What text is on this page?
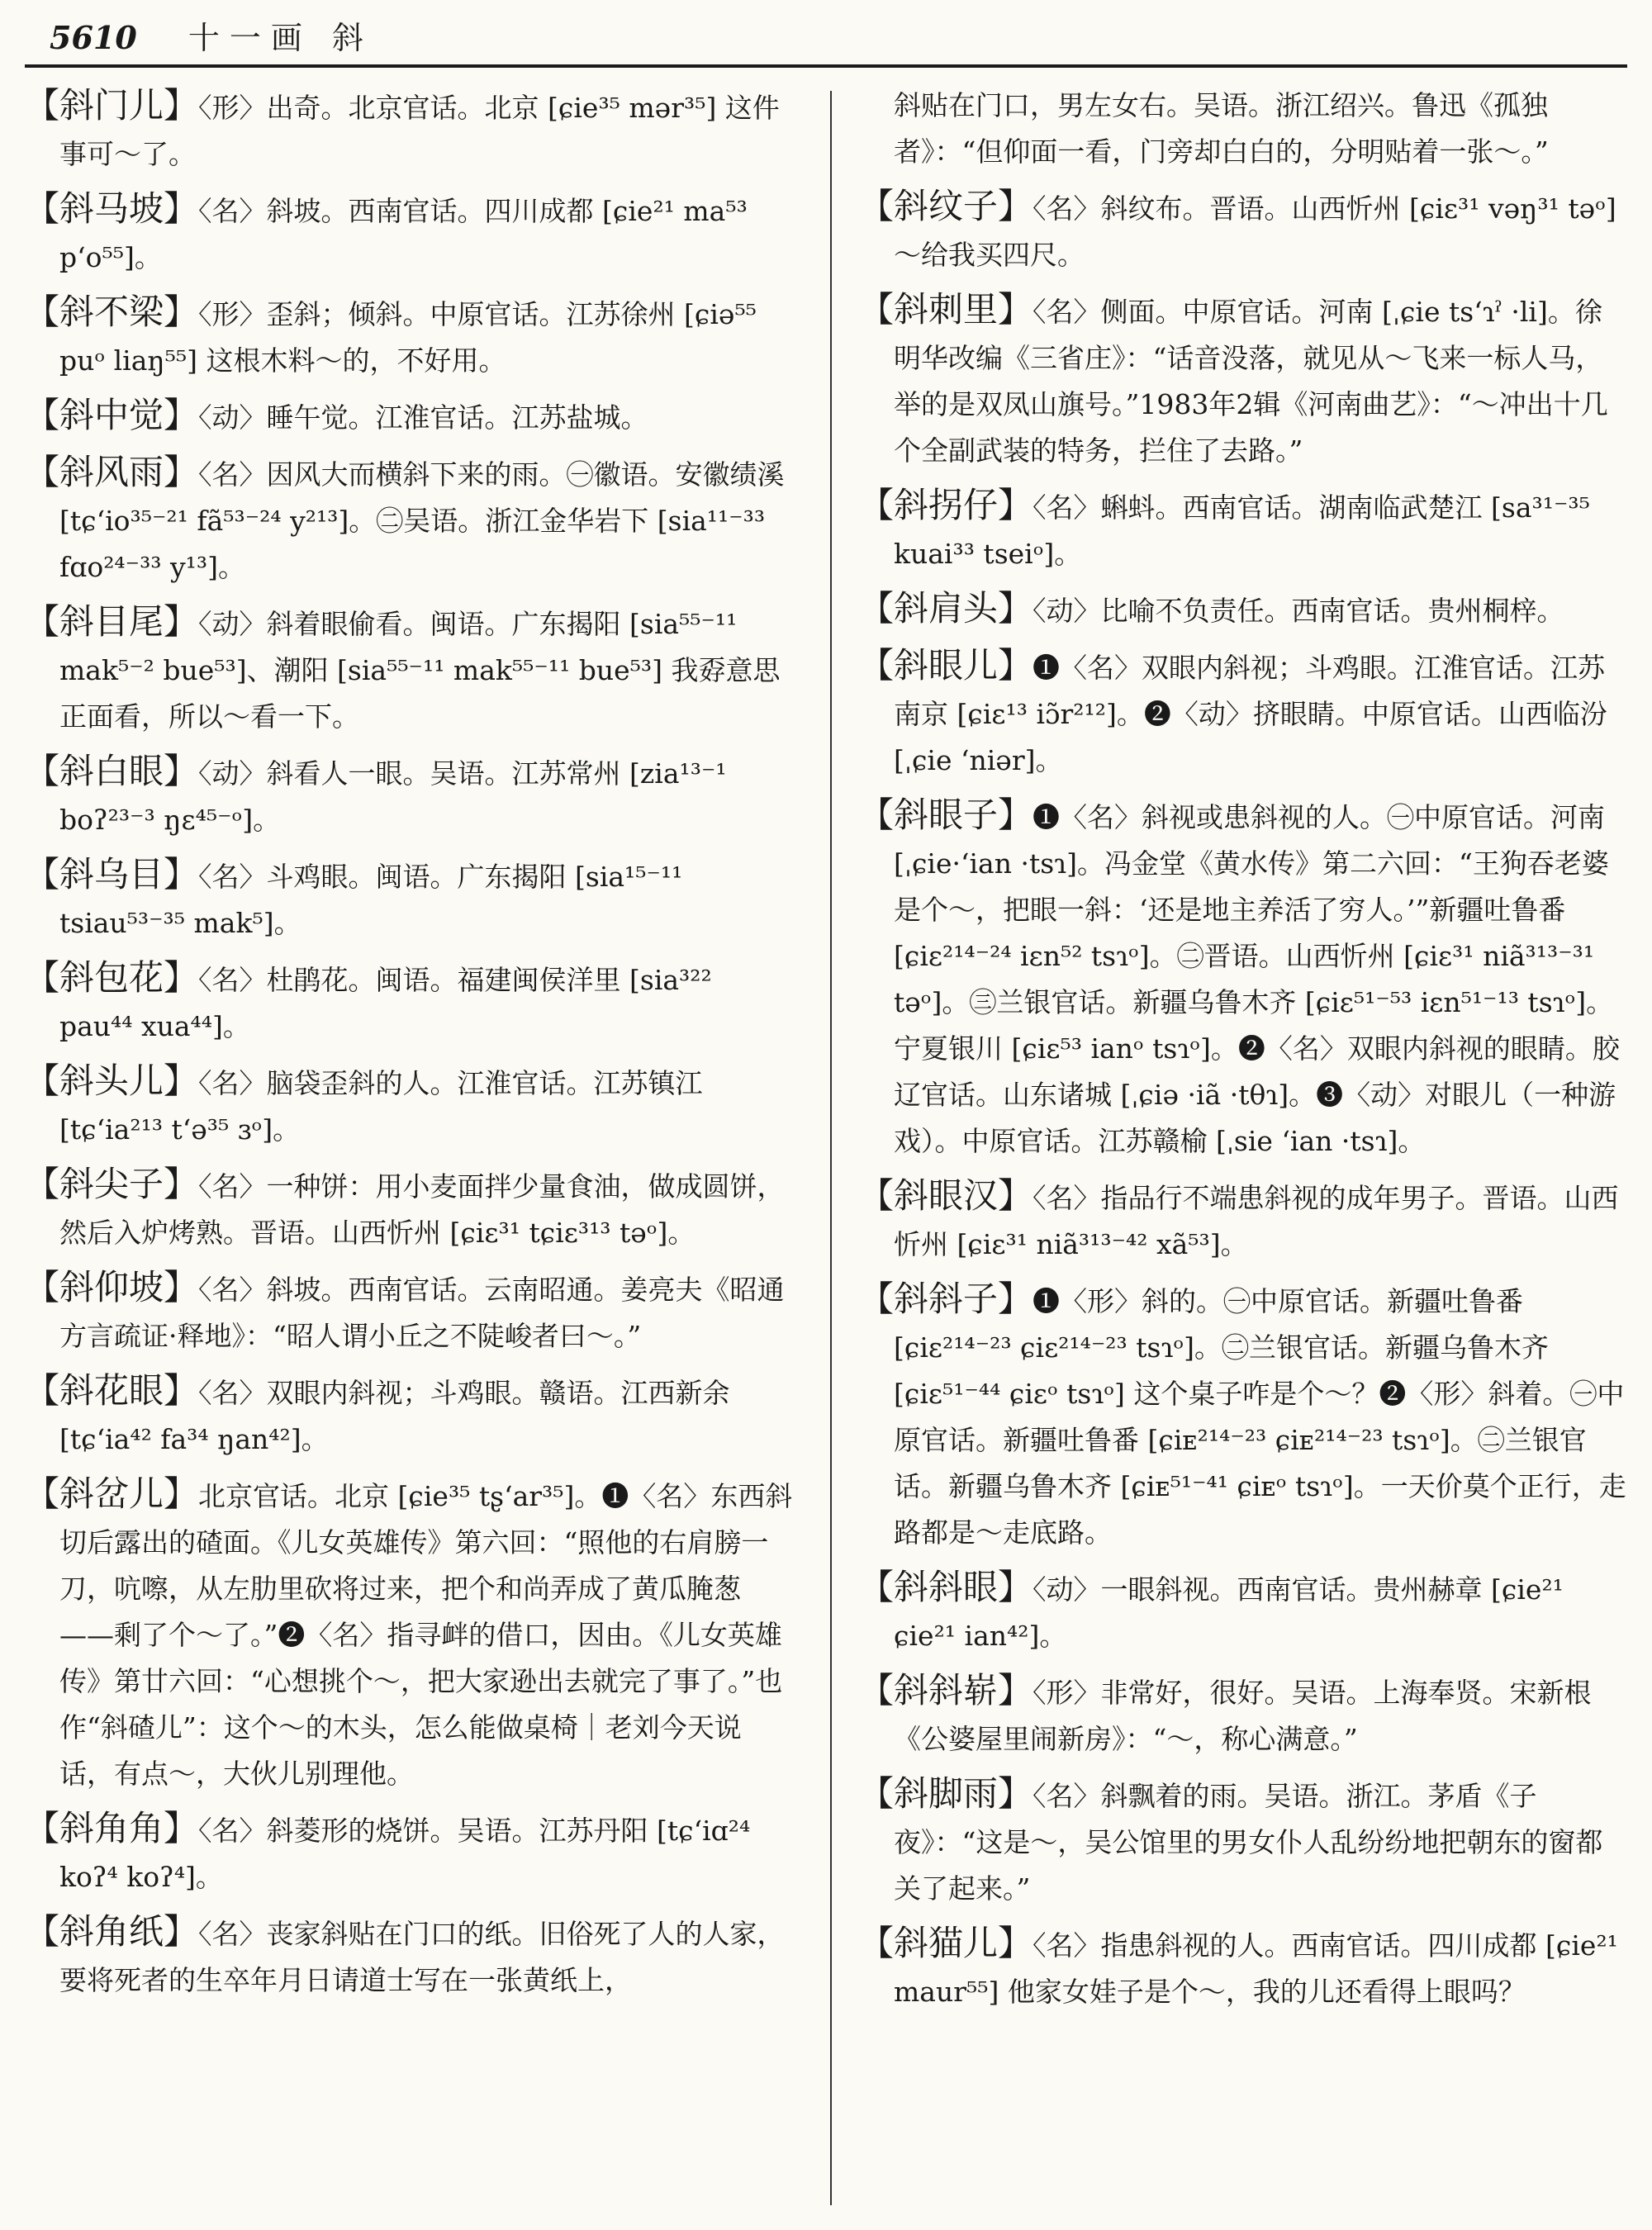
5610 十一画 斜
【斜门儿】〈形〉出奇。北京官话。北京 [ɕie³⁵ mər³⁵] 这件事可～了。
【斜马坡】〈名〉斜坡。西南官话。四川成都 [ɕie²¹ ma⁵³ pʻo⁵⁵]。
【斜不梁】〈形〉歪斜；倾斜。中原官话。江苏徐州 [ɕiə⁵⁵ puᵒ liaŋ⁵⁵] 这根木料～的，不好用。
【斜中觉】〈动〉睡午觉。江淮官话。江苏盐城。
【斜风雨】〈名〉因风大而横斜下来的雨。㊀徽语。安徽绩溪 [tɕʻio³⁵⁻²¹ fã⁵³⁻²⁴ y²¹³]。㊁吴语。浙江金华岩下 [sia¹¹⁻³³ fɑo²⁴⁻³³ y¹³]。
【斜目尾】〈动〉斜着眼偷看。闽语。广东揭阳 [sia⁵⁵⁻¹¹ mak⁵⁻² bue⁵³]、潮阳 [sia⁵⁵⁻¹¹ mak⁵⁵⁻¹¹ bue⁵³] 我孬意思正面看，所以～看一下。
【斜白眼】〈动〉斜看人一眼。吴语。江苏常州 [zia¹³⁻¹ boʔ²³⁻³ ŋɛ⁴⁵⁻ᵒ]。
【斜乌目】〈名〉斗鸡眼。闽语。广东揭阳 [sia¹⁵⁻¹¹ tsiau⁵³⁻³⁵ mak⁵]。
【斜包花】〈名〉杜鹃花。闽语。福建闽侯洋里 [sia³²² pau⁴⁴ xua⁴⁴]。
【斜头儿】〈名〉脑袋歪斜的人。江淮官话。江苏镇江 [tɕʻia²¹³ tʻə³⁵ ɜᵒ]。
【斜尖子】〈名〉一种饼：用小麦面拌少量食油，做成圆饼，然后入炉烤熟。晋语。山西忻州 [ɕiɛ³¹ tɕiɛ³¹³ təᵒ]。
【斜仰坡】〈名〉斜坡。西南官话。云南昭通。姜亮夫《昭通方言疏证·释地》：“昭人谓小丘之不陡峻者曰～。”
【斜花眼】〈名〉双眼内斜视；斗鸡眼。赣语。江西新余 [tɕʻia⁴² fa³⁴ ŋan⁴²]。
【斜岔儿】北京官话。北京 [ɕie³⁵ tʂʻar³⁵]。❶〈名〉东西斜切后露出的碴面。《儿女英雄传》第六回：“照他的右肩膀一刀，吭嚓，从左肋里砍将过来，把个和尚弄成了黄瓜腌葱——剩了个～了。”❷〈名〉指寻衅的借口，因由。《儿女英雄传》第廿六回：“心想挑个～，把大家逊出去就完了事了。”也作“斜碴儿”：这个～的木头，怎么能做桌椅｜老刘今天说话，有点～，大伙儿别理他。
【斜角角】〈名〉斜菱形的烧饼。吴语。江苏丹阳 [tɕʻiɑ²⁴ koʔ⁴ koʔ⁴]。
【斜角纸】〈名〉丧家斜贴在门口的纸。旧俗死了人的人家，要将死者的生卒年月日请道士写在一张黄纸上，
斜贴在门口，男左女右。吴语。浙江绍兴。鲁迅《孤独者》：“但仰面一看，门旁却白白的，分明贴着一张～。”
【斜纹子】〈名〉斜纹布。晋语。山西忻州 [ɕiɛ³¹ vəŋ³¹ təᵒ] ～给我买四尺。
【斜刺里】〈名〉侧面。中原官话。河南 [ˌɕie tsʻɿˀ ·li]。徐明华改编《三省庄》：“话音没落，就见从～飞来一标人马，举的是双凤山旗号。”1983年2辑《河南曲艺》：“～冲出十几个全副武装的特务，拦住了去路。”
【斜拐仔】〈名〉蝌蚪。西南官话。湖南临武楚江 [sa³¹⁻³⁵ kuai³³ tseiᵒ]。
【斜肩头】〈动〉比喻不负责任。西南官话。贵州桐梓。
【斜眼儿】❶〈名〉双眼内斜视；斗鸡眼。江淮官话。江苏南京 [ɕiɛ¹³ iɔ̃r²¹²]。❷〈动〉挤眼睛。中原官话。山西临汾 [ˌɕie ʻniər]。
【斜眼子】❶〈名〉斜视或患斜视的人。㊀中原官话。河南 [ˌɕie·ʻian ·tsɿ]。冯金堂《黄水传》第二六回：“王狗吞老婆是个～，把眼一斜：‘还是地主养活了穷人。’”新疆吐鲁番 [ɕiɛ²¹⁴⁻²⁴ iɛn⁵² tsɿᵒ]。㊁晋语。山西忻州 [ɕiɛ³¹ niã³¹³⁻³¹ təᵒ]。㊂兰银官话。新疆乌鲁木齐 [ɕiɛ⁵¹⁻⁵³ iɛn⁵¹⁻¹³ tsɿᵒ]。宁夏银川 [ɕiɛ⁵³ ianᵒ tsɿᵒ]。❷〈名〉双眼内斜视的眼睛。胶辽官话。山东诸城 [ˌɕiə ·iã ·tθɿ]。❸〈动〉对眼儿（一种游戏）。中原官话。江苏赣榆 [ˌsie ʻian ·tsɿ]。
【斜眼汉】〈名〉指品行不端患斜视的成年男子。晋语。山西忻州 [ɕiɛ³¹ niã³¹³⁻⁴² xã⁵³]。
【斜斜子】❶〈形〉斜的。㊀中原官话。新疆吐鲁番 [ɕiɛ²¹⁴⁻²³ ɕiɛ²¹⁴⁻²³ tsɿᵒ]。㊁兰银官话。新疆乌鲁木齐 [ɕiɛ⁵¹⁻⁴⁴ ɕiɛᵒ tsɿᵒ] 这个桌子咋是个～？❷〈形〉斜着。㊀中原官话。新疆吐鲁番 [ɕiᴇ²¹⁴⁻²³ ɕiᴇ²¹⁴⁻²³ tsɿᵒ]。㊁兰银官话。新疆乌鲁木齐 [ɕiᴇ⁵¹⁻⁴¹ ɕiᴇᵒ tsɿᵒ]。一天价莫个正行，走路都是～走底路。
【斜斜眼】〈动〉一眼斜视。西南官话。贵州赫章 [ɕie²¹ ɕie²¹ ian⁴²]。
【斜斜崭】〈形〉非常好，很好。吴语。上海奉贤。宋新根《公婆屋里闹新房》：“～，称心满意。”
【斜脚雨】〈名〉斜飘着的雨。吴语。浙江。茅盾《子夜》：“这是～，吴公馆里的男女仆人乱纷纷地把朝东的窗都关了起来。”
【斜猫儿】〈名〉指患斜视的人。西南官话。四川成都 [ɕie²¹ maur⁵⁵] 他家女娃子是个～，我的儿还看得上眼吗？
